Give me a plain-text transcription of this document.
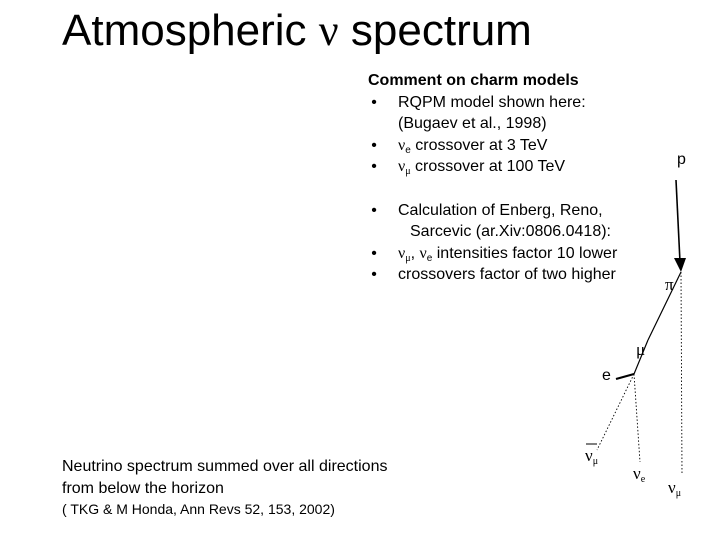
Atmospheric ν spectrum
Comment on charm models
• RQPM model shown here:
(Bugaev et al., 1998)
• $\nu_e$ crossover at 3 TeV
• $\nu_\mu$ crossover at 100 TeV
• Calculation of Enberg, Reno,
Sarcevic (ar.Xiv:0806.0418):
• $\nu_\mu$, $\nu_e$ intensities factor 10 lower
• crossovers factor of two higher
p
π
μ
e
$\nu_\mu$
$\nu_e$ $\nu_\mu$
Neutrino spectrum summed over all directions
from below the horizon
( TKG & M Honda, Ann Revs 52, 153, 2002)
